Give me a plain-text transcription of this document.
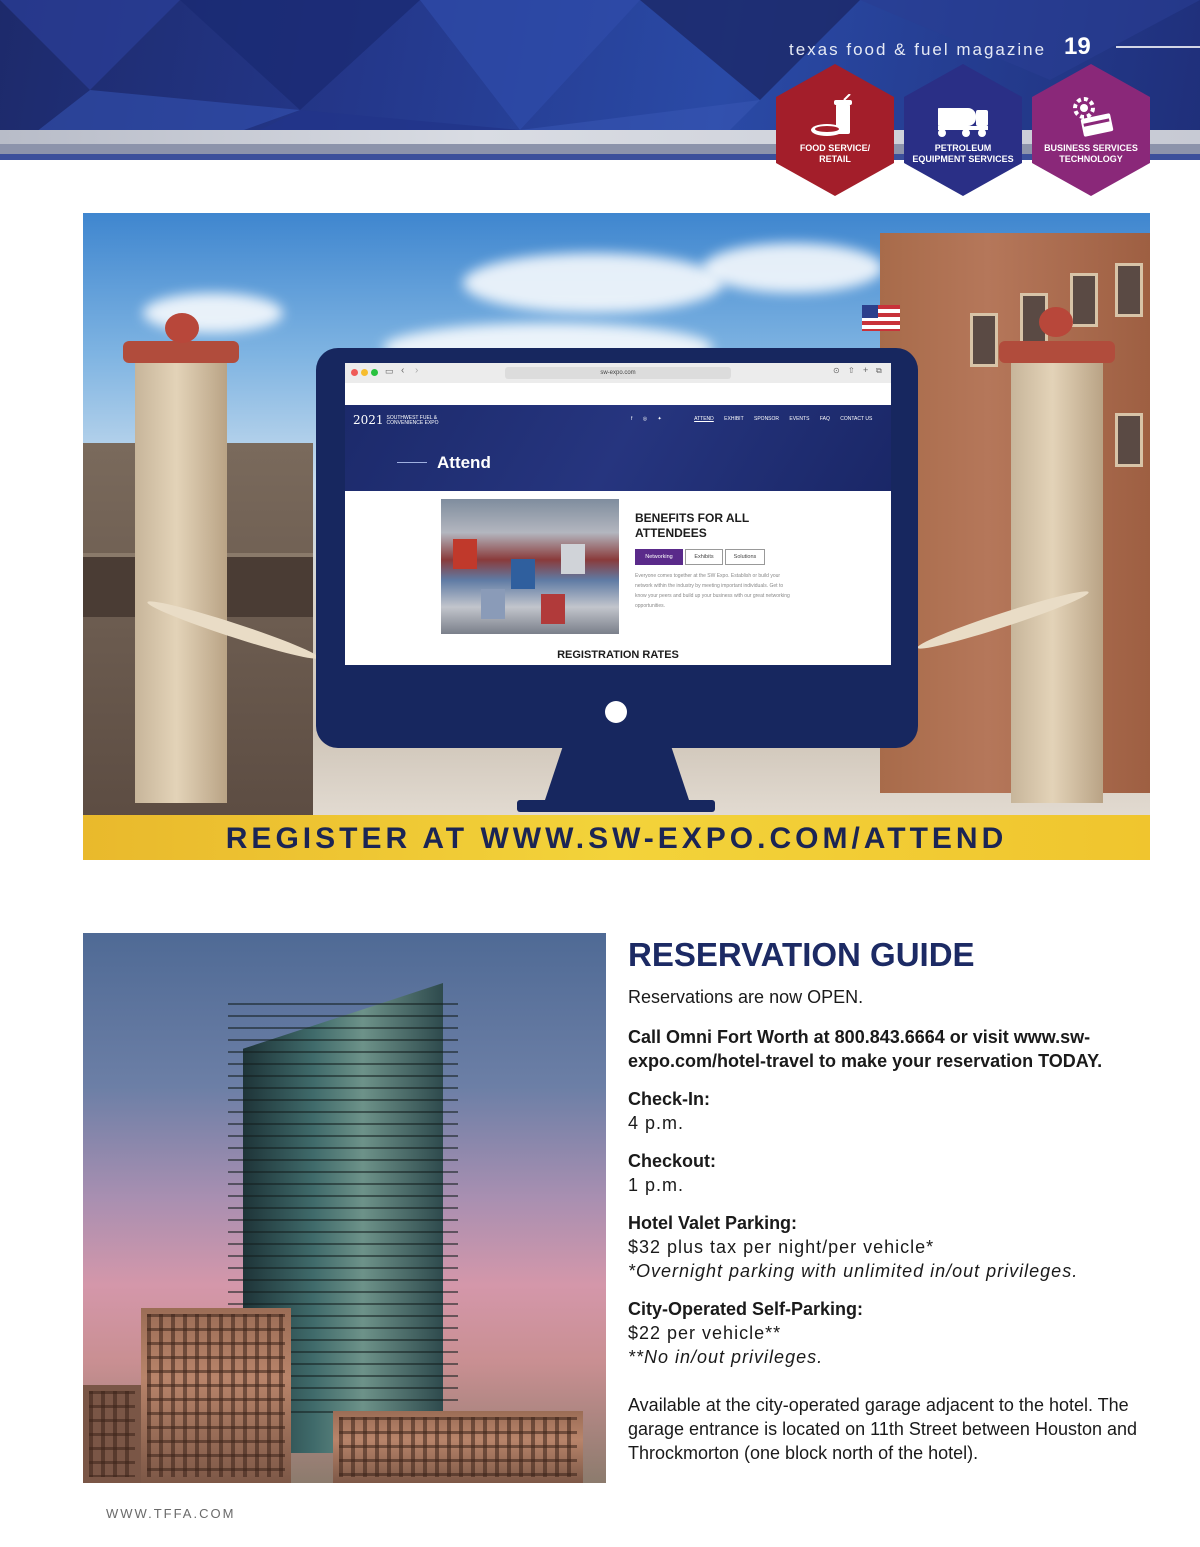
texas food & fuel magazine 19
FOOD SERVICE/ RETAIL
PETROLEUM EQUIPMENT SERVICES
BUSINESS SERVICES TECHNOLOGY
▭ ‹ ›	sw-expo.com	⊙ ⇧ + ⧉
2021 SOUTHWEST FUEL & CONVENIENCE EXPO
f ◎ ✦	ATTEND EXHIBIT SPONSOR EVENTS FAQ CONTACT US
Attend
BENEFITS FOR ALL ATTENDEES
Networking	Exhibits	Solutions
Everyone comes together at the SW Expo. Establish or build your network within the industry by meeting important individuals. Get to know your peers and build up your business with our great networking opportunities.
REGISTRATION RATES
REGISTER AT WWW.SW-EXPO.COM/ATTEND
RESERVATION GUIDE

Reservations are now OPEN.

Call Omni Fort Worth at 800.843.6664 or visit www.sw-expo.com/hotel-travel to make your reservation TODAY.

Check-In:

4 p.m.

Checkout:

1 p.m.

Hotel Valet Parking:

$32 plus tax per night/per vehicle*

*Overnight parking with unlimited in/out privileges.

City-Operated Self-Parking:

$22 per vehicle**

**No in/out privileges.

Available at the city-operated garage adjacent to the hotel. The garage entrance is located on 11th Street between Houston and Throckmorton (one block north of the hotel).

WWW.TFFA.COM
